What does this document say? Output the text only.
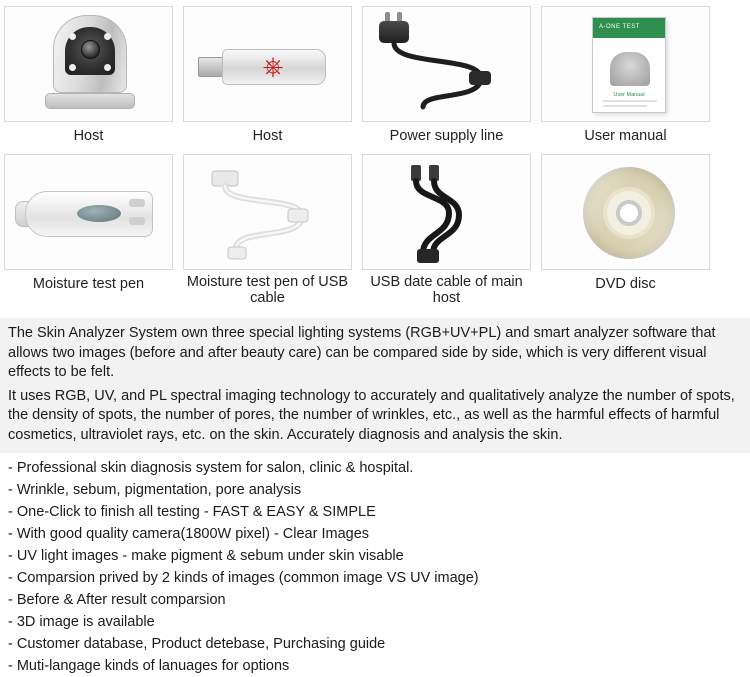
Host
⎈
Host	Power supply line
A-ONE TEST
User Manual
User manual
Moisture test pen	Moisture test pen of USB cable
USB date cable of main host
DVD disc

The Skin Analyzer System own three special lighting systems (RGB+UV+PL) and smart analyzer software that allows two images (before and after beauty care) can be compared side by side, which is very different visual effects to be felt.

It uses RGB, UV, and PL spectral imaging technology to accurately and qualitatively analyze the number of spots, the density of spots, the number of pores, the number of wrinkles, etc., as well as the harmful effects of harmful cosmetics, ultraviolet rays, etc. on the skin. Accurately diagnosis and analysis the skin.

- Professional skin diagnosis system for salon, clinic & hospital.
- Wrinkle, sebum, pigmentation, pore analysis
- One-Click to finish all testing - FAST & EASY & SIMPLE
- With good quality camera(1800W pixel) - Clear Images
- UV light images - make pigment & sebum under skin visable
- Comparsion prived by 2 kinds of images (common image VS UV image)
- Before & After result comparsion
- 3D image is available
- Customer database, Product detebase, Purchasing guide
- Muti-langage kinds of lanuages for options
